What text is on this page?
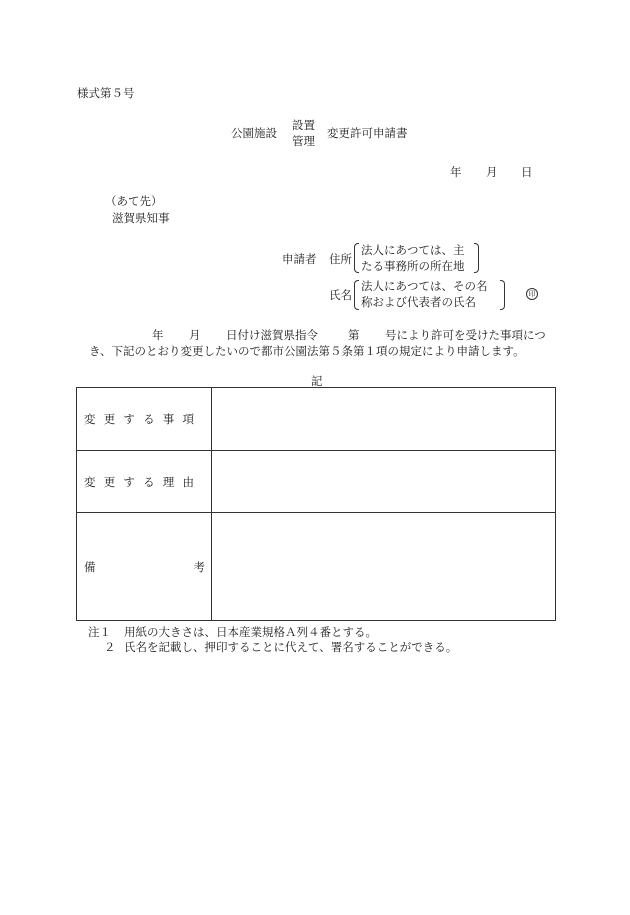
様式第５号
公園施設
設置
管理
変更許可申請書
年 月 日
（あて先）
滋賀県知事
申請者 住所
法人にあつては、主
たる事務所の所在地
氏名
法人にあつては、その名
称および代表者の氏名
印
年 月 日付け滋賀県指令	第 号により許可を受けた事項につ
き、下記のとおり変更したいので都市公園法第５条第１項の規定により申請します。
記
変更する事項	

変更する理由	

備 考	

注１ 用紙の大きさは、日本産業規格Ａ列４番とする。
２ 氏名を記載し、押印することに代えて、署名することができる。
